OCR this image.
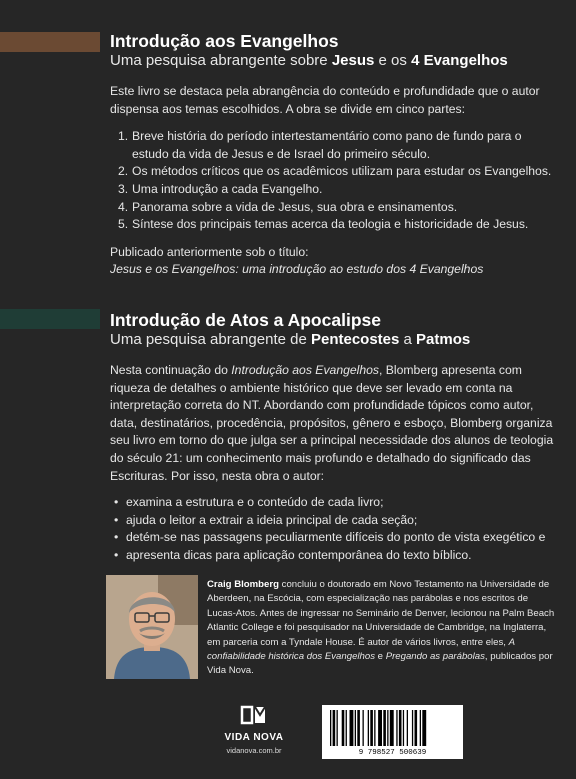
Introdução aos Evangelhos
Uma pesquisa abrangente sobre Jesus e os 4 Evangelhos

Este livro se destaca pela abrangência do conteúdo e profundidade que o autor dispensa aos temas escolhidos. A obra se divide em cinco partes:

1. Breve história do período intertestamentário como pano de fundo para o estudo da vida de Jesus e de Israel do primeiro século.
2. Os métodos críticos que os acadêmicos utilizam para estudar os Evangelhos.
3. Uma introdução a cada Evangelho.
4. Panorama sobre a vida de Jesus, sua obra e ensinamentos.
5. Síntese dos principais temas acerca da teologia e historicidade de Jesus.

Publicado anteriormente sob o título:

Jesus e os Evangelhos: uma introdução ao estudo dos 4 Evangelhos

Introdução de Atos a Apocalipse
Uma pesquisa abrangente de Pentecostes a Patmos

Nesta continuação do Introdução aos Evangelhos, Blomberg apresenta com riqueza de detalhes o ambiente histórico que deve ser levado em conta na interpretação correta do NT. Abordando com profundidade tópicos como autor, data, destinatários, procedência, propósitos, gênero e esboço, Blomberg organiza seu livro em torno do que julga ser a principal necessidade dos alunos de teologia do século 21: um conhecimento mais profundo e detalhado do significado das Escrituras. Por isso, nesta obra o autor:

• examina a estrutura e o conteúdo de cada livro;
• ajuda o leitor a extrair a ideia principal de cada seção;
• detém-se nas passagens peculiarmente difíceis do ponto de vista exegético e
• apresenta dicas para aplicação contemporânea do texto bíblico.
Craig Blomberg concluiu o doutorado em Novo Testamento na Universidade de Aberdeen, na Escócia, com especialização nas parábolas e nos escritos de Lucas-Atos. Antes de ingressar no Seminário de Denver, lecionou na Palm Beach Atlantic College e foi pesquisador na Universidade de Cambridge, na Inglaterra, em parceria com a Tyndale House. É autor de vários livros, entre eles, A confiabilidade histórica dos Evangelhos e Pregando as parábolas, publicados por Vida Nova.
VIDA NOVA
vidanova.com.br	9 798527 500639
